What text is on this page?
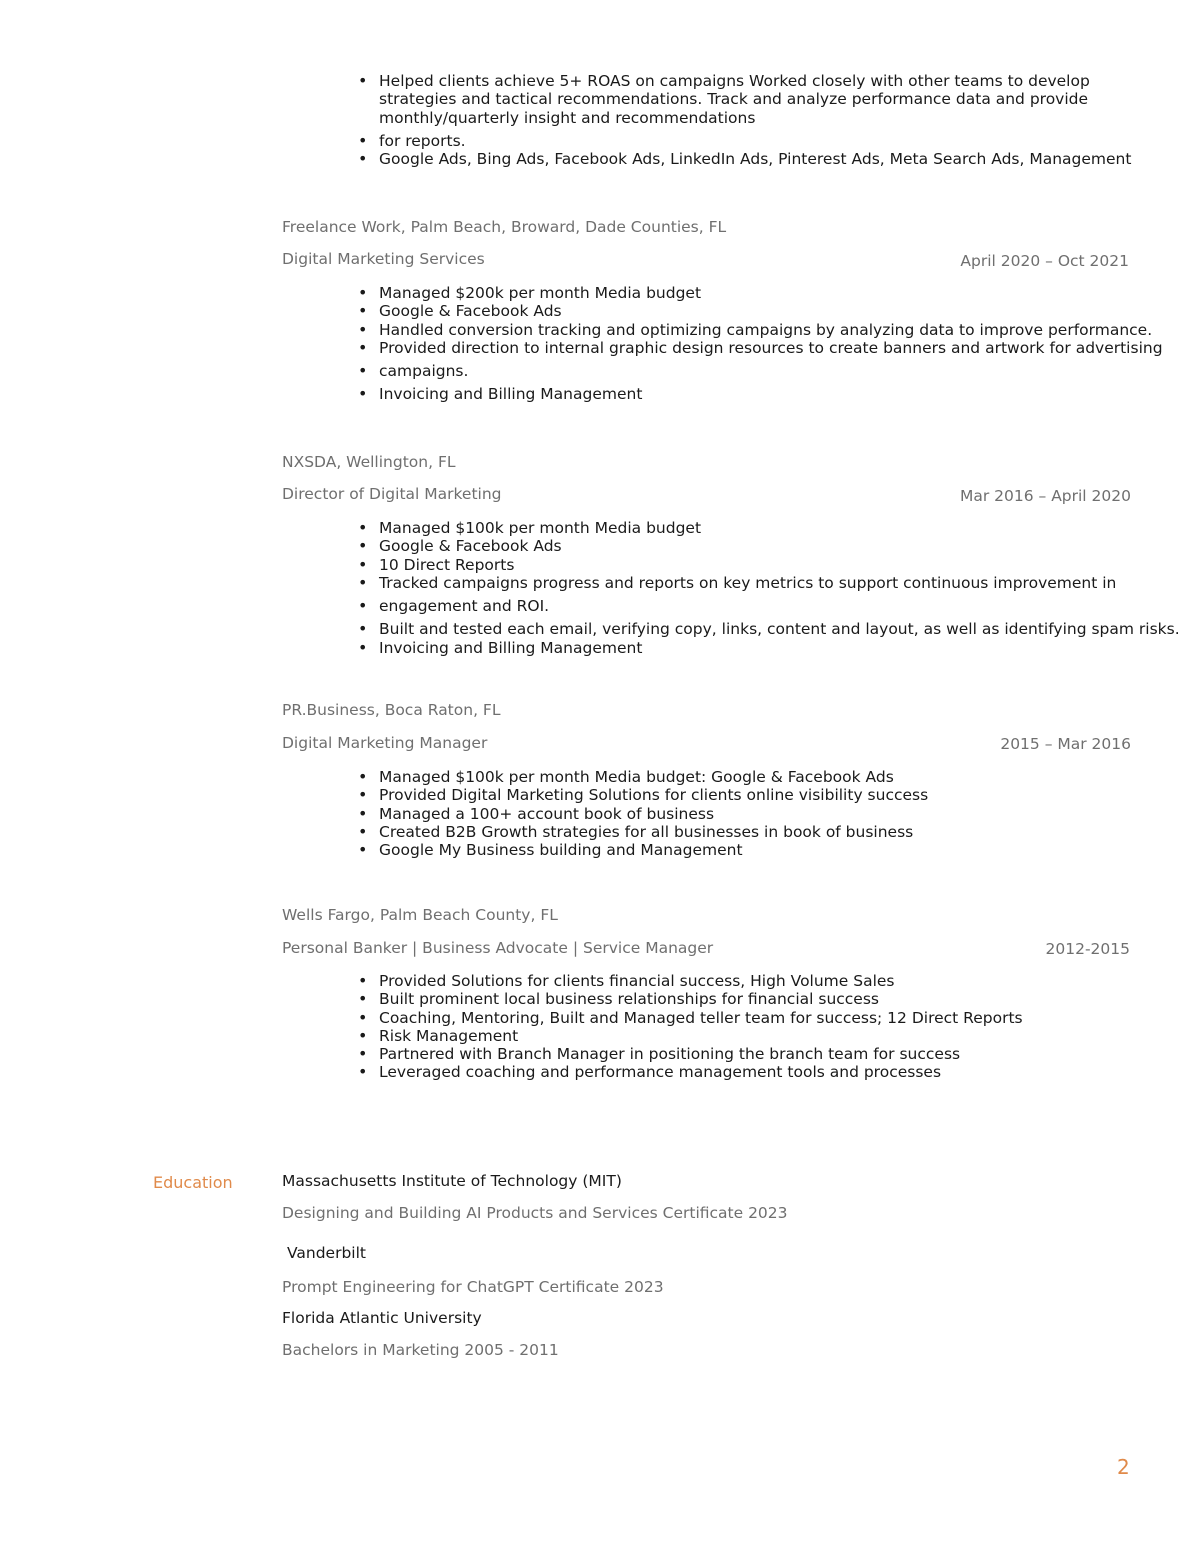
• Helped clients achieve 5+ ROAS on campaigns Worked closely with other teams to develop strategies and tactical recommendations. Track and analyze performance data and provide monthly/quarterly insight and recommendations
• for reports.
• Google Ads, Bing Ads, Facebook Ads, LinkedIn Ads, Pinterest Ads, Meta Search Ads, Management
Freelance Work, Palm Beach, Broward, Dade Counties, FL
Digital Marketing Services	April 2020 – Oct 2021
• Managed $200k per month Media budget
• Google & Facebook Ads
• Handled conversion tracking and optimizing campaigns by analyzing data to improve performance.
• Provided direction to internal graphic design resources to create banners and artwork for advertising
• campaigns.
• Invoicing and Billing Management
NXSDA, Wellington, FL
Director of Digital Marketing	Mar 2016 – April 2020
• Managed $100k per month Media budget
• Google & Facebook Ads
• 10 Direct Reports
• Tracked campaigns progress and reports on key metrics to support continuous improvement in
• engagement and ROI.
• Built and tested each email, verifying copy, links, content and layout, as well as identifying spam risks.
• Invoicing and Billing Management
PR.Business, Boca Raton, FL
Digital Marketing Manager	2015 – Mar 2016
• Managed $100k per month Media budget: Google & Facebook Ads
• Provided Digital Marketing Solutions for clients online visibility success
• Managed a 100+ account book of business
• Created B2B Growth strategies for all businesses in book of business
• Google My Business building and Management
Wells Fargo, Palm Beach County, FL
Personal Banker | Business Advocate | Service Manager	2012-2015
• Provided Solutions for clients financial success, High Volume Sales
• Built prominent local business relationships for financial success
• Coaching, Mentoring, Built and Managed teller team for success; 12 Direct Reports
• Risk Management
• Partnered with Branch Manager in positioning the branch team for success
• Leveraged coaching and performance management tools and processes
Education	Massachusetts Institute of Technology (MIT)
Designing and Building AI Products and Services Certificate 2023
Vanderbilt
Prompt Engineering for ChatGPT Certificate 2023
Florida Atlantic University
Bachelors in Marketing 2005 - 2011
2
